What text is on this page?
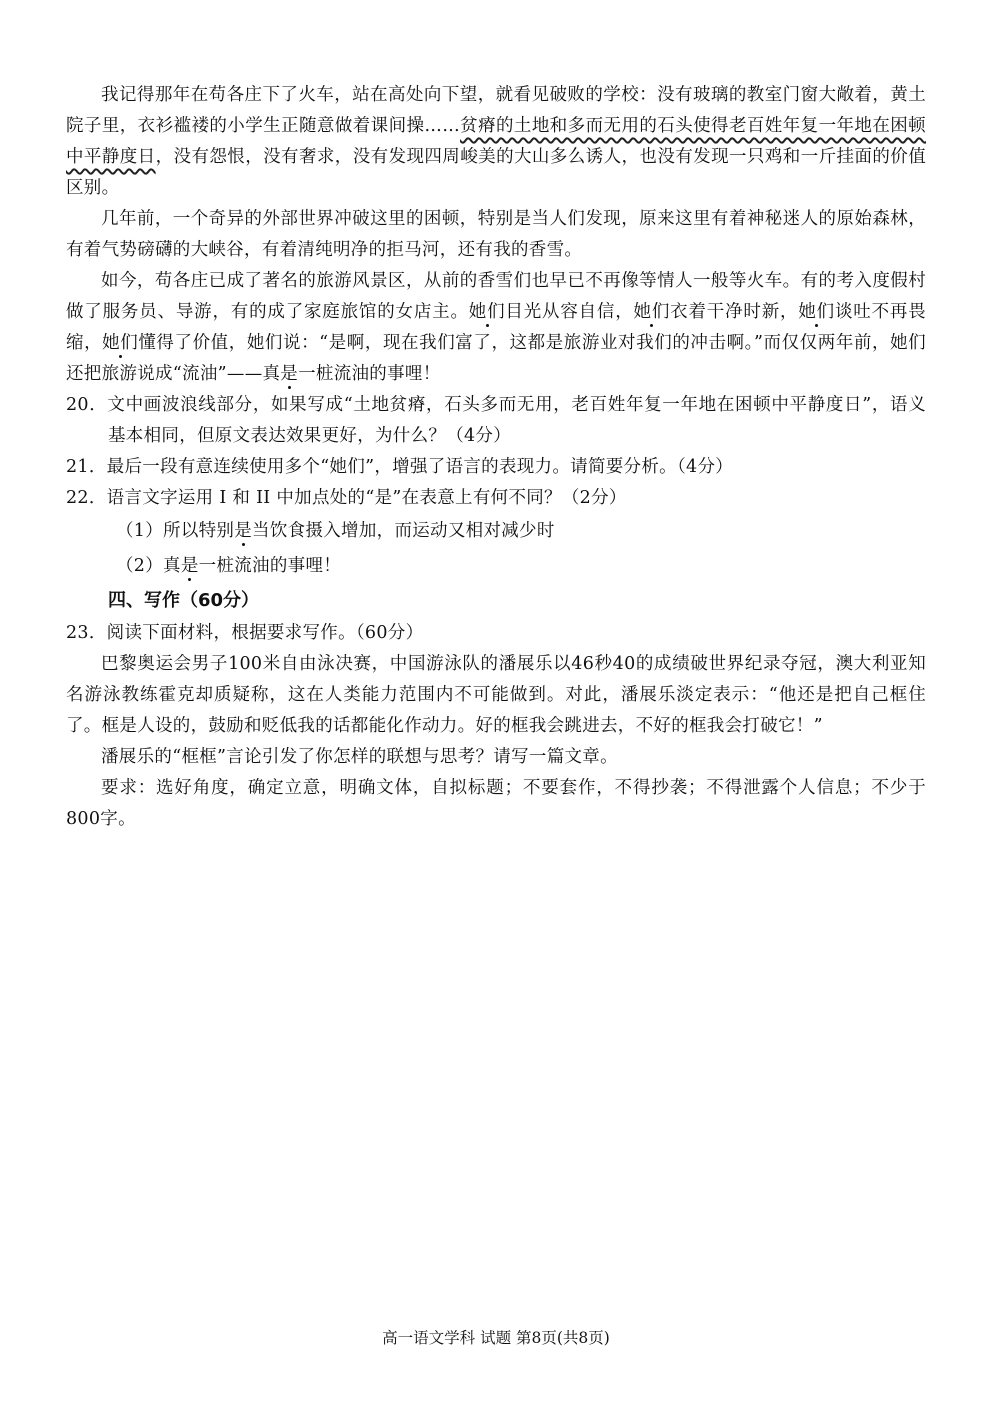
我记得那年在苟各庄下了火车，站在高处向下望，就看见破败的学校：没有玻璃的教室门窗大敞着，黄土院子里，衣衫褴褛的小学生正随意做着课间操……贫瘠的土地和多而无用的石头使得老百姓年复一年地在困顿中平静度日，没有怨恨，没有奢求，没有发现四周峻美的大山多么诱人，也没有发现一只鸡和一斤挂面的价值区别。

几年前，一个奇异的外部世界冲破这里的困顿，特别是当人们发现，原来这里有着神秘迷人的原始森林，有着气势磅礴的大峡谷，有着清纯明净的拒马河，还有我的香雪。

如今，苟各庄已成了著名的旅游风景区，从前的香雪们也早已不再像等情人一般等火车。有的考入度假村做了服务员、导游，有的成了家庭旅馆的女店主。她们目光从容自信，她们衣着干净时新，她们谈吐不再畏缩，她们懂得了价值，她们说：“是啊，现在我们富了，这都是旅游业对我们的冲击啊。”而仅仅两年前，她们还把旅游说成“流油”——真是一桩流油的事哩！

20．文中画波浪线部分，如果写成“土地贫瘠，石头多而无用，老百姓年复一年地在困顿中平静度日”，语义基本相同，但原文表达效果更好，为什么？（4分）

21．最后一段有意连续使用多个“她们”，增强了语言的表现力。请简要分析。（4分）

22．语言文字运用 I 和 II 中加点处的“是”在表意上有何不同？（2分）

（1）所以特别是当饮食摄入增加，而运动又相对减少时

（2）真是一桩流油的事哩！

四、写作（60分）

23．阅读下面材料，根据要求写作。（60分）

巴黎奥运会男子100米自由泳决赛，中国游泳队的潘展乐以46秒40的成绩破世界纪录夺冠，澳大利亚知名游泳教练霍克却质疑称，这在人类能力范围内不可能做到。对此，潘展乐淡定表示：“他还是把自己框住了。框是人设的，鼓励和贬低我的话都能化作动力。好的框我会跳进去，不好的框我会打破它！”

潘展乐的“框框”言论引发了你怎样的联想与思考？请写一篇文章。

要求：选好角度，确定立意，明确文体，自拟标题；不要套作，不得抄袭；不得泄露个人信息；不少于800字。

高一语文学科 试题 第8页(共8页)
